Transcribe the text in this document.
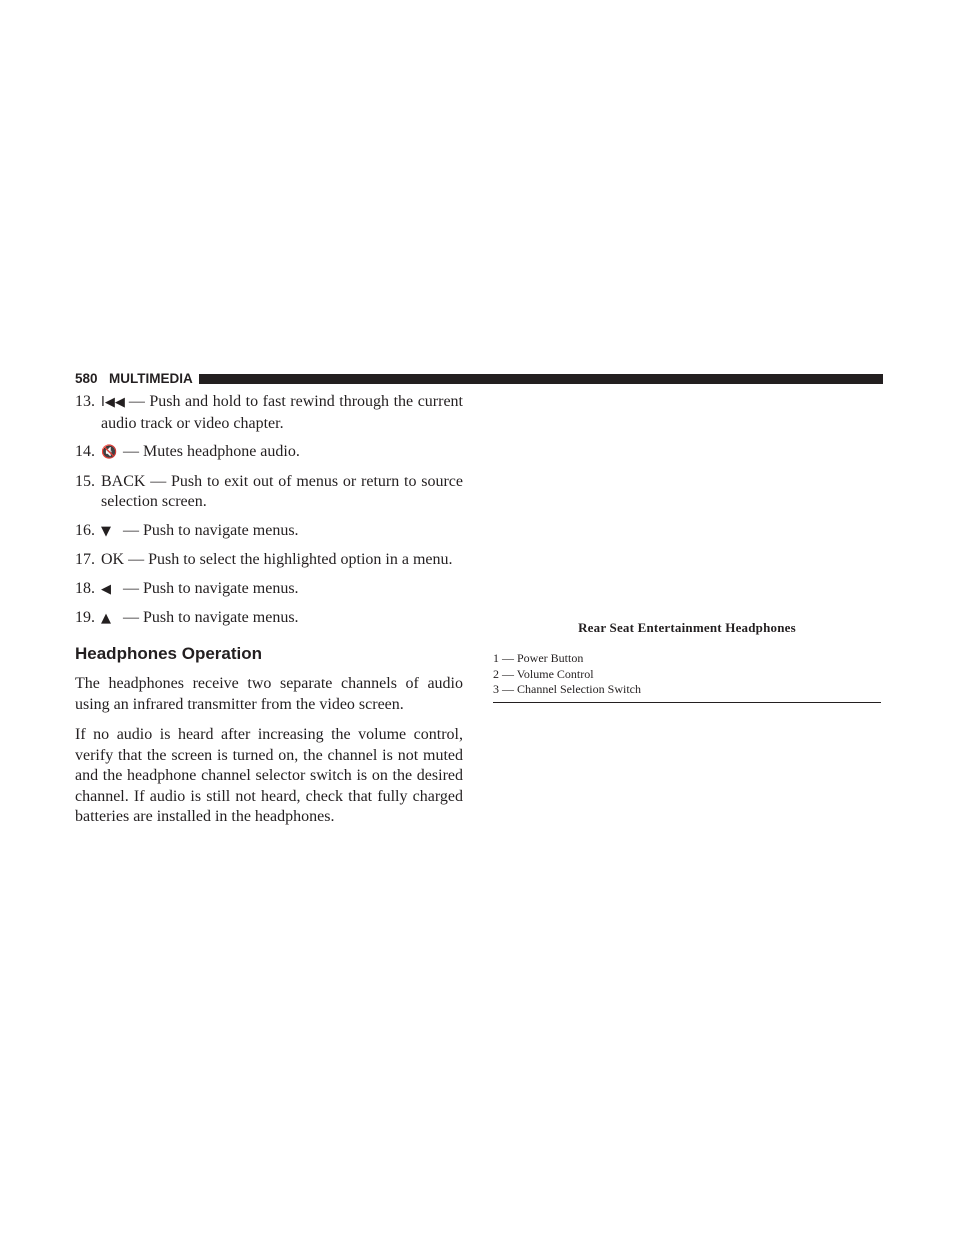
580 MULTIMEDIA
13. I◀◀ — Push and hold to fast rewind through the current audio track or video chapter.
14. 🔇 — Mutes headphone audio.
15. BACK — Push to exit out of menus or return to source selection screen.
16. ▼ — Push to navigate menus.
17. OK — Push to select the highlighted option in a menu.
18. ◀ — Push to navigate menus.
19. ▲ — Push to navigate menus.
Headphones Operation

The headphones receive two separate channels of audio using an infrared transmitter from the video screen.

If no audio is heard after increasing the volume control, verify that the screen is turned on, the channel is not muted and the headphone channel selector switch is on the desired channel. If audio is still not heard, check that fully charged batteries are installed in the headphones.

Rear Seat Entertainment Headphones
1 — Power Button
2 — Volume Control
3 — Channel Selection Switch
